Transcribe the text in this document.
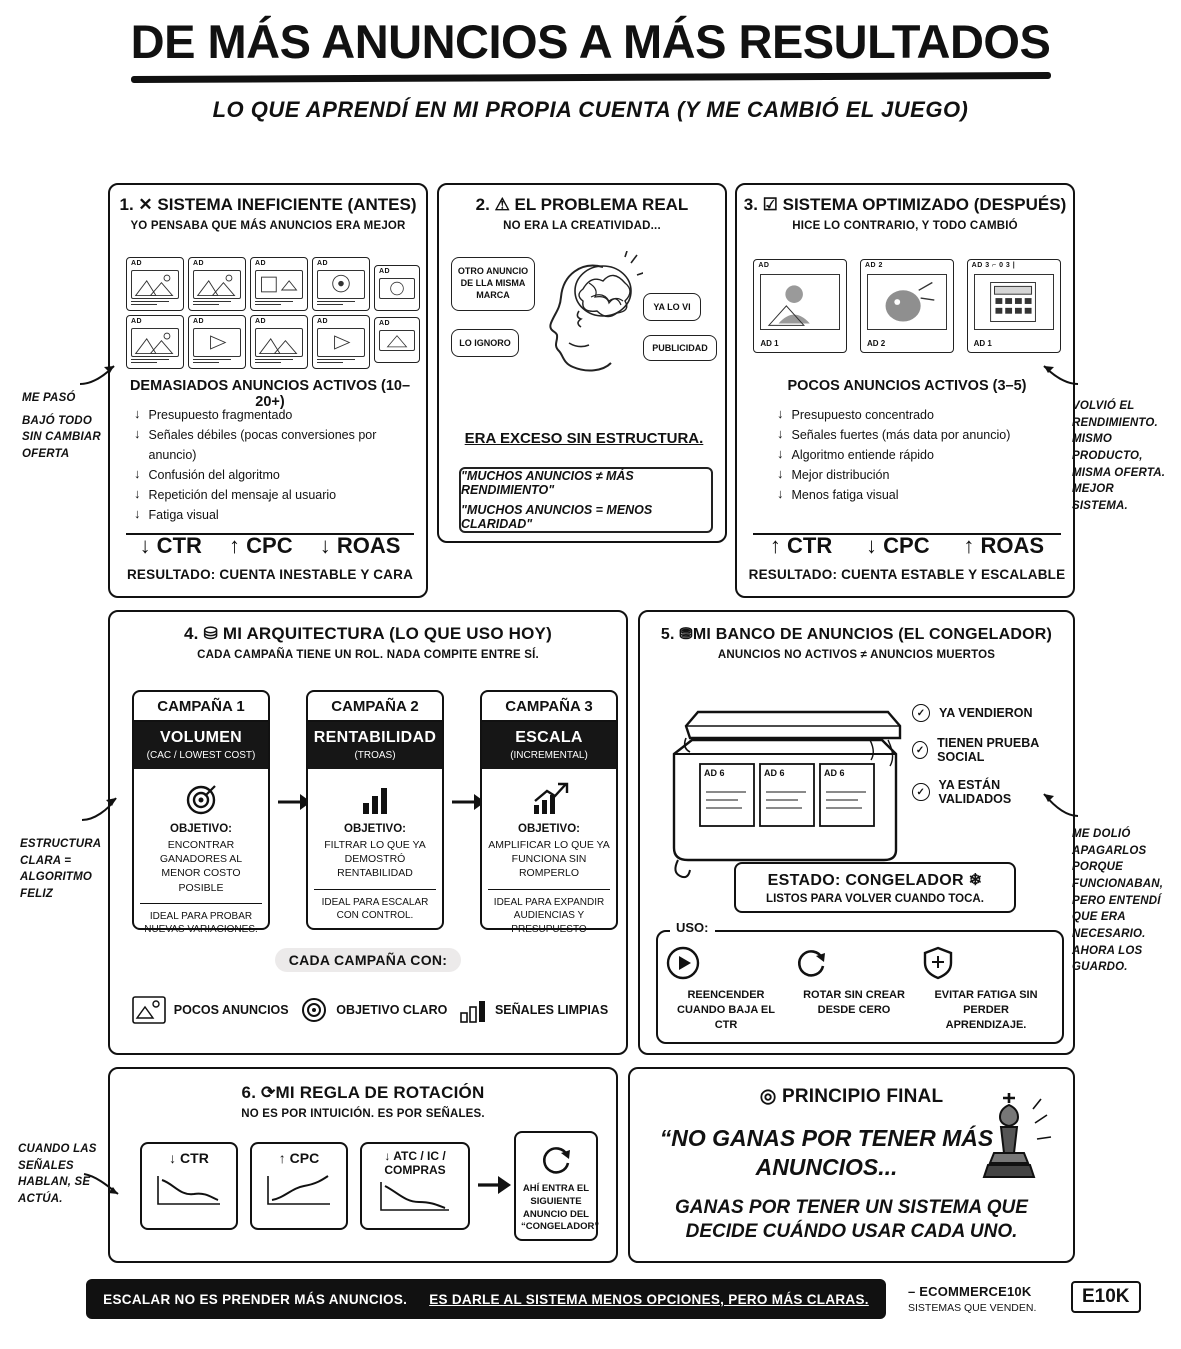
DE MÁS ANUNCIOS A MÁS RESULTADOS
LO QUE APRENDÍ EN MI PROPIA CUENTA (Y ME CAMBIÓ EL JUEGO)
1. ✕ SISTEMA INEFICIENTE (ANTES)
YO PENSABA QUE MÁS ANUNCIOS ERA MEJOR
AD	AD	AD	AD
AD	AD	AD	AD
AD
AD
DEMASIADOS ANUNCIOS ACTIVOS (10–20+)
↓ Presupuesto fragmentado
↓ Señales débiles (pocas conversiones por anuncio)
↓ Confusión del algoritmo
↓ Repetición del mensaje al usuario
↓ Fatiga visual
↓ CTR ↑ CPC ↓ ROAS
RESULTADO: CUENTA INESTABLE Y CARA
2. ⚠ EL PROBLEMA REAL
NO ERA LA CREATIVIDAD...
OTRO ANUNCIO DE LLA MISMA MARCA
LO IGNORO
YA LO VI
PUBLICIDAD
ERA EXCESO SIN ESTRUCTURA.
"MUCHOS ANUNCIOS ≠ MÁS RENDIMIENTO"
"MUCHOS ANUNCIOS = MENOS CLARIDAD"
3. ☑ SISTEMA OPTIMIZADO (DESPUÉS)
HICE LO CONTRARIO, Y TODO CAMBIÓ
AD
AD 1
AD 2
AD 2
AD 3 ⌐ 0 3 |
AD 1
POCOS ANUNCIOS ACTIVOS (3–5)
↓ Presupuesto concentrado
↓ Señales fuertes (más data por anuncio)
↓ Algoritmo entiende rápido
↓ Mejor distribución
↓ Menos fatiga visual
↑ CTR ↓ CPC ↑ ROAS
RESULTADO: CUENTA ESTABLE Y ESCALABLE
ME PASÓ
BAJÓ TODO SIN CAMBIAR OFERTA
VOLVIÓ EL RENDIMIENTO. MISMO PRODUCTO, MISMA OFERTA. MEJOR SISTEMA.
4. ⛁ MI ARQUITECTURA (LO QUE USO HOY)
CADA CAMPAÑA TIENE UN ROL. NADA COMPITE ENTRE SÍ.
CAMPAÑA 1
VOLUMEN
(CAC / LOWEST COST)
OBJETIVO:
ENCONTRAR GANADORES AL MENOR COSTO POSIBLE
IDEAL PARA PROBAR NUEVAS VARIACIONES.
CAMPAÑA 2
RENTABILIDAD
(TROAS)
OBJETIVO:
FILTRAR LO QUE YA DEMOSTRÓ RENTABILIDAD
IDEAL PARA ESCALAR CON CONTROL.
CAMPAÑA 3
ESCALA
(INCREMENTAL)
OBJETIVO:
AMPLIFICAR LO QUE YA FUNCIONA SIN ROMPERLO
IDEAL PARA EXPANDIR AUDIENCIAS Y PRESUPUESTO
CADA CAMPAÑA CON:
POCOS ANUNCIOS	OBJETIVO CLARO	SEÑALES LIMPIAS
5. ⛃MI BANCO DE ANUNCIOS (EL CONGELADOR)
ANUNCIOS NO ACTIVOS ≠ ANUNCIOS MUERTOS
AD 6	AD 6	AD 6
✓	YA VENDIERON
✓	TIENEN PRUEBA SOCIAL
✓	YA ESTÁN VALIDADOS
ESTADO: CONGELADOR ❄
LISTOS PARA VOLVER CUANDO TOCA.
USO:
REENCENDER CUANDO BAJA EL CTR
ROTAR SIN CREAR DESDE CERO
EVITAR FATIGA SIN PERDER APRENDIZAJE.
ESTRUCTURA CLARA = ALGORITMO FELIZ
ME DOLIÓ APAGARLOS PORQUE FUNCIONABAN, PERO ENTENDÍ QUE ERA NECESARIO. AHORA LOS GUARDO.
6. ⟳MI REGLA DE ROTACIÓN
NO ES POR INTUICIÓN. ES POR SEÑALES.
↓ CTR	↑ CPC	↓ ATC / IC / COMPRAS
AHÍ ENTRA EL SIGUIENTE ANUNCIO DEL “CONGELADOR”
CUANDO LAS SEÑALES HABLAN, SE ACTÚA.
◎ PRINCIPIO FINAL
“NO GANAS POR TENER MÁS ANUNCIOS...
GANAS POR TENER UN SISTEMA QUE DECIDE CUÁNDO USAR CADA UNO.
ESCALAR NO ES PRENDER MÁS ANUNCIOS. ES DARLE AL SISTEMA MENOS OPCIONES, PERO MÁS CLARAS.	– ECOMMERCE10K
SISTEMAS QUE VENDEN.
E10K
